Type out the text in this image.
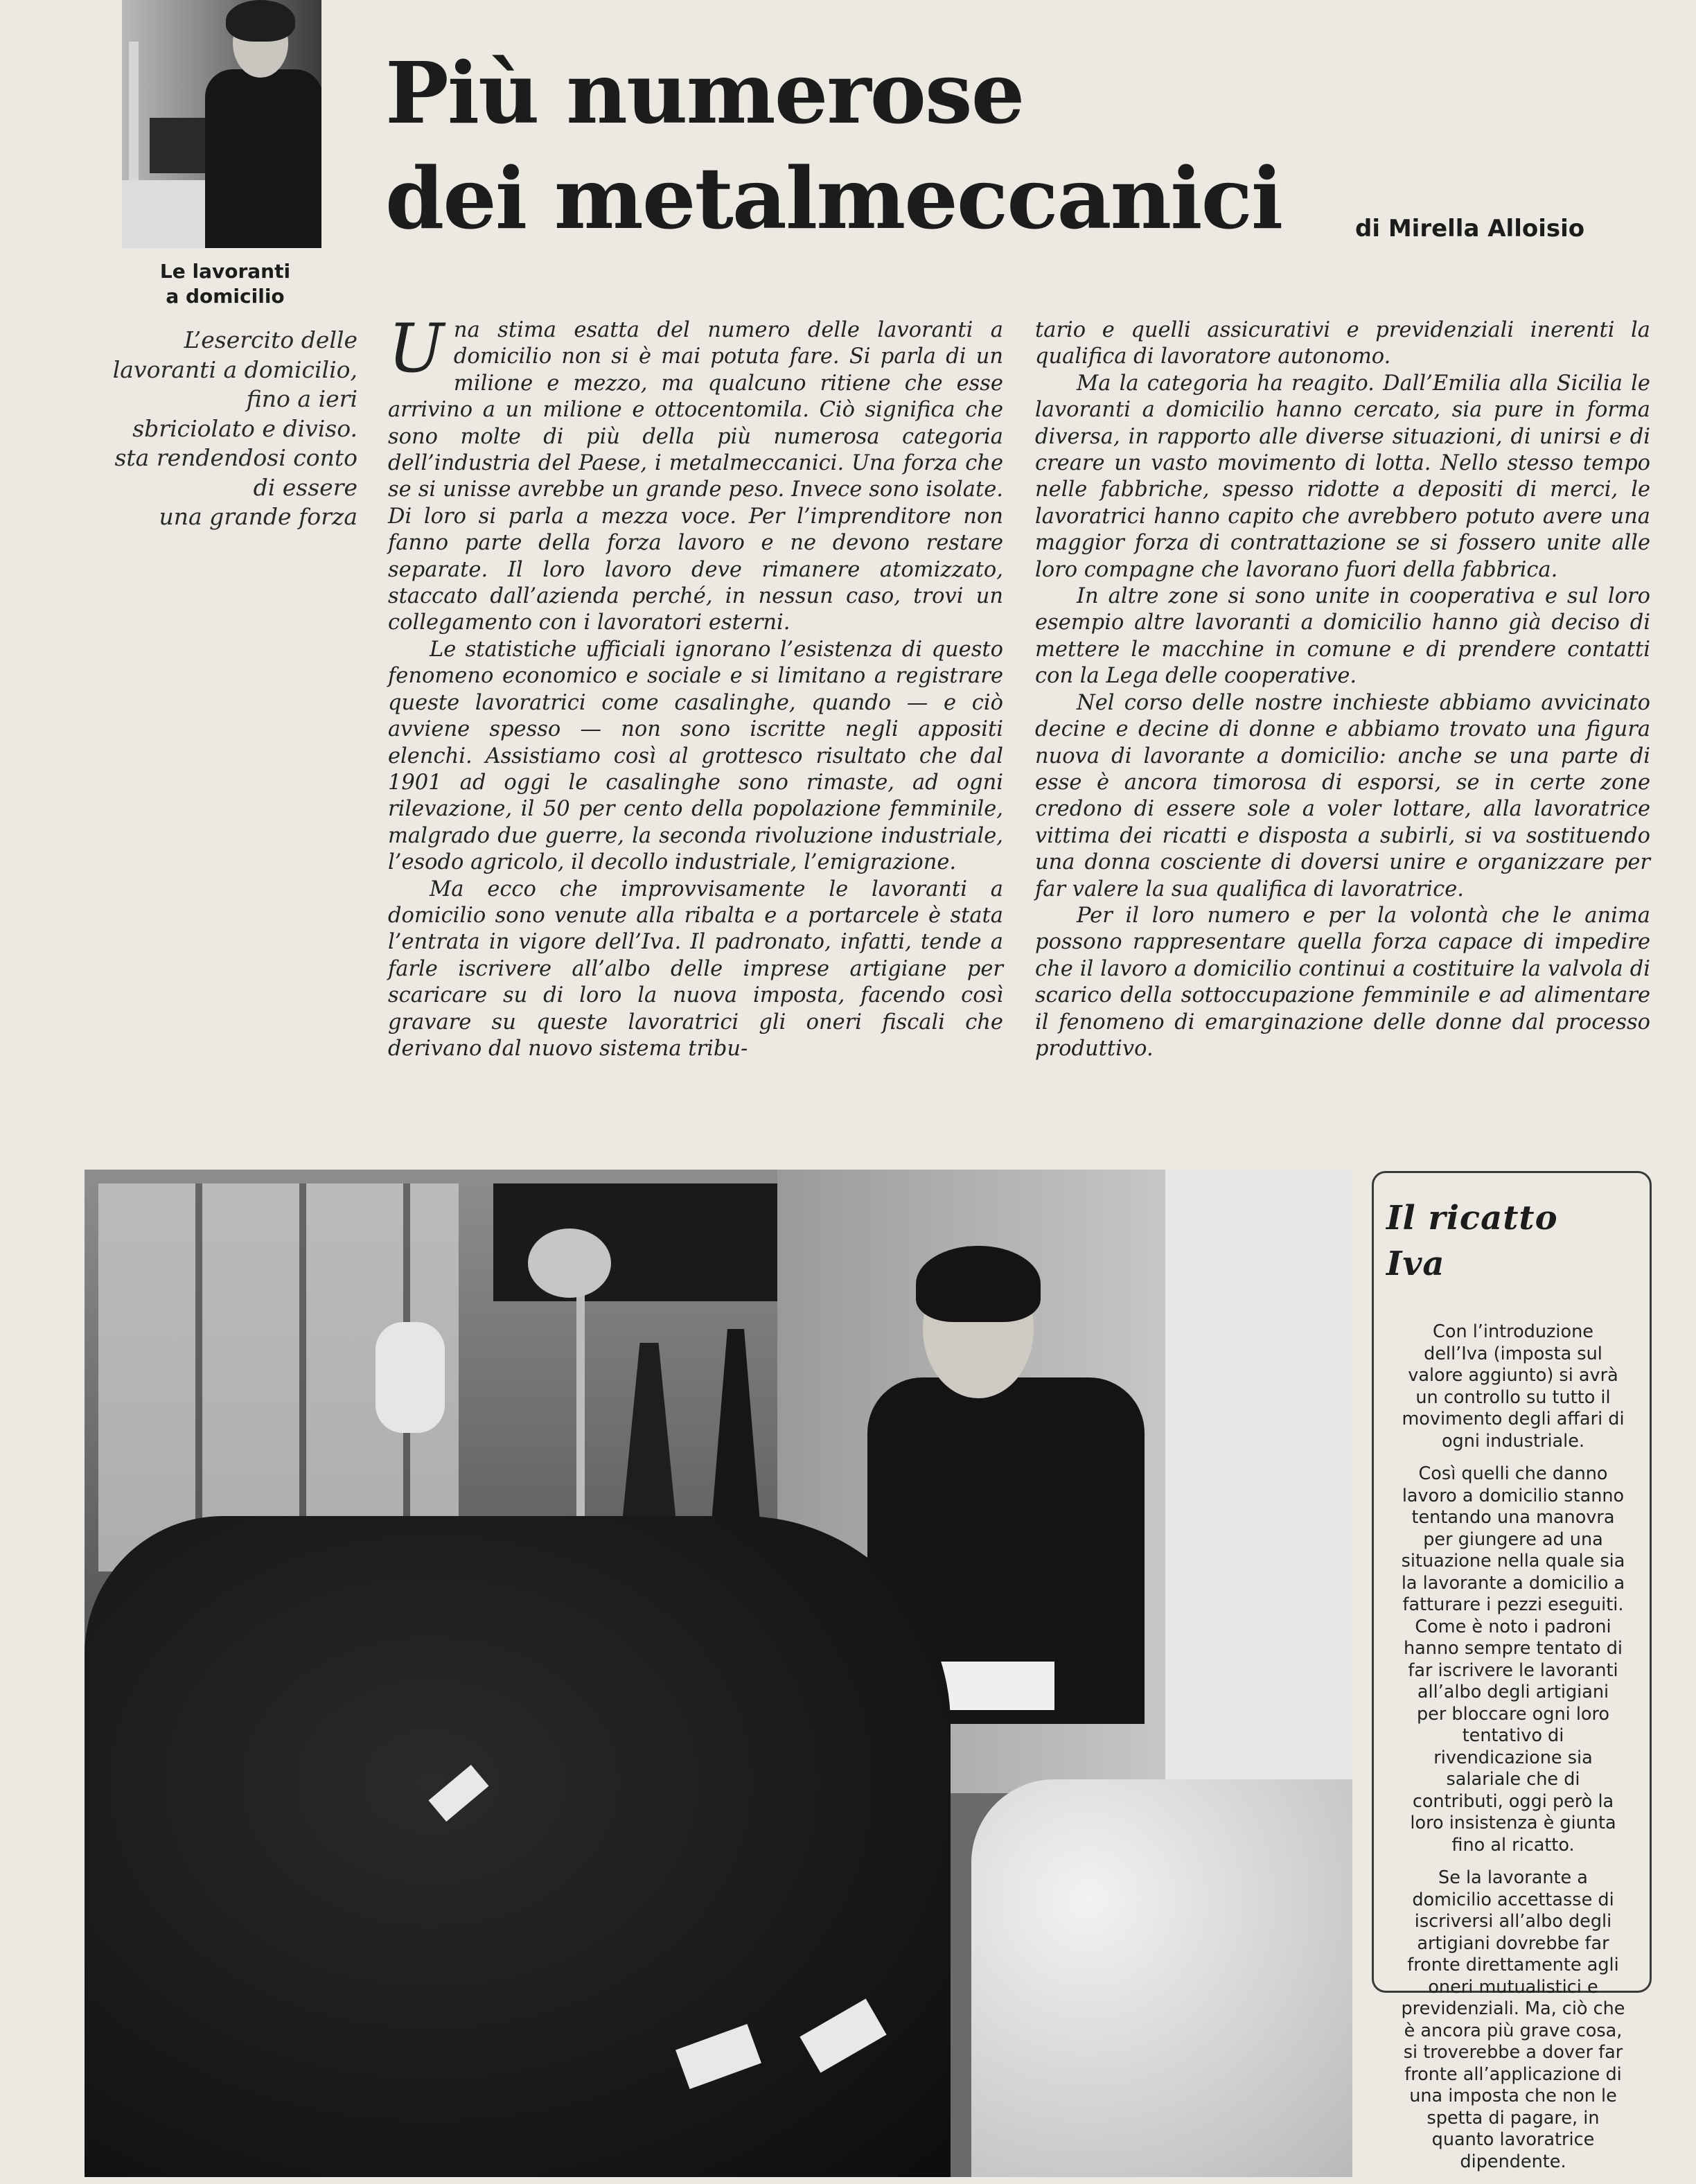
Le lavoranti
a domicilio
Più numerose
dei metalmeccanici	di Mirella Alloisio
L’esercito delle
lavoranti a domicilio,
fino a ieri
sbriciolato e diviso.
sta rendendosi conto
di essere
una grande forza

Una stima esatta del numero delle lavoranti a domicilio non si è mai potuta fare. Si parla di un milione e mezzo, ma qualcuno ritiene che esse arrivino a un milione e ottocentomila. Ciò significa che sono molte di più della più numerosa categoria dell’industria del Paese, i metalmeccanici. Una forza che se si unisse avrebbe un grande peso. Invece sono isolate. Di loro si parla a mezza voce. Per l’imprenditore non fanno parte della forza lavoro e ne devono restare separate. Il loro lavoro deve rimanere atomizzato, staccato dall’azienda perché, in nessun caso, trovi un collegamento con i lavoratori esterni.

Le statistiche ufficiali ignorano l’esistenza di questo fenomeno economico e sociale e si limitano a registrare queste lavoratrici come casalinghe, quando — e ciò avviene spesso — non sono iscritte negli appositi elenchi. Assistiamo così al grottesco risultato che dal 1901 ad oggi le casalinghe sono rimaste, ad ogni rilevazione, il 50 per cento della popolazione femminile, malgrado due guerre, la seconda rivoluzione industriale, l’esodo agricolo, il decollo industriale, l’emigrazione.

Ma ecco che improvvisamente le lavoranti a domicilio sono venute alla ribalta e a portarcele è stata l’entrata in vigore dell’Iva. Il padronato, infatti, tende a farle iscrivere all’albo delle imprese artigiane per scaricare su di loro la nuova imposta, facendo così gravare su queste lavoratrici gli oneri fiscali che derivano dal nuovo sistema tribu-

tario e quelli assicurativi e previdenziali inerenti la qualifica di lavoratore autonomo.

Ma la categoria ha reagito. Dall’Emilia alla Sicilia le lavoranti a domicilio hanno cercato, sia pure in forma diversa, in rapporto alle diverse situazioni, di unirsi e di creare un vasto movimento di lotta. Nello stesso tempo nelle fabbriche, spesso ridotte a depositi di merci, le lavoratrici hanno capito che avrebbero potuto avere una maggior forza di contrattazione se si fossero unite alle loro compagne che lavorano fuori della fabbrica.

In altre zone si sono unite in cooperativa e sul loro esempio altre lavoranti a domicilio hanno già deciso di mettere le macchine in comune e di prendere contatti con la Lega delle cooperative.

Nel corso delle nostre inchieste abbiamo avvicinato decine e decine di donne e abbiamo trovato una figura nuova di lavorante a domicilio: anche se una parte di esse è ancora timorosa di esporsi, se in certe zone credono di essere sole a voler lottare, alla lavoratrice vittima dei ricatti e disposta a subirli, si va sostituendo una donna cosciente di doversi unire e organizzare per far valere la sua qualifica di lavoratrice.

Per il loro numero e per la volontà che le anima possono rappresentare quella forza capace di impedire che il lavoro a domicilio continui a costituire la valvola di scarico della sottoccupazione femminile e ad alimentare il fenomeno di emarginazione delle donne dal processo produttivo.

Il ricatto
Iva

Con l’introduzione dell’Iva (imposta sul valore aggiunto) si avrà un controllo su tutto il movimento degli affari di ogni industriale.

Così quelli che danno lavoro a domicilio stanno tentando una manovra per giungere ad una situazione nella quale sia la lavorante a domicilio a fatturare i pezzi eseguiti. Come è noto i padroni hanno sempre tentato di far iscrivere le lavoranti all’albo degli artigiani per bloccare ogni loro tentativo di rivendicazione sia salariale che di contributi, oggi però la loro insistenza è giunta fino al ricatto.

Se la lavorante a domicilio accettasse di iscriversi all’albo degli artigiani dovrebbe far fronte direttamente agli oneri mutualistici e previdenziali. Ma, ciò che è ancora più grave cosa, si troverebbe a dover far fronte all’applicazione di una imposta che non le spetta di pagare, in quanto lavoratrice dipendente.
